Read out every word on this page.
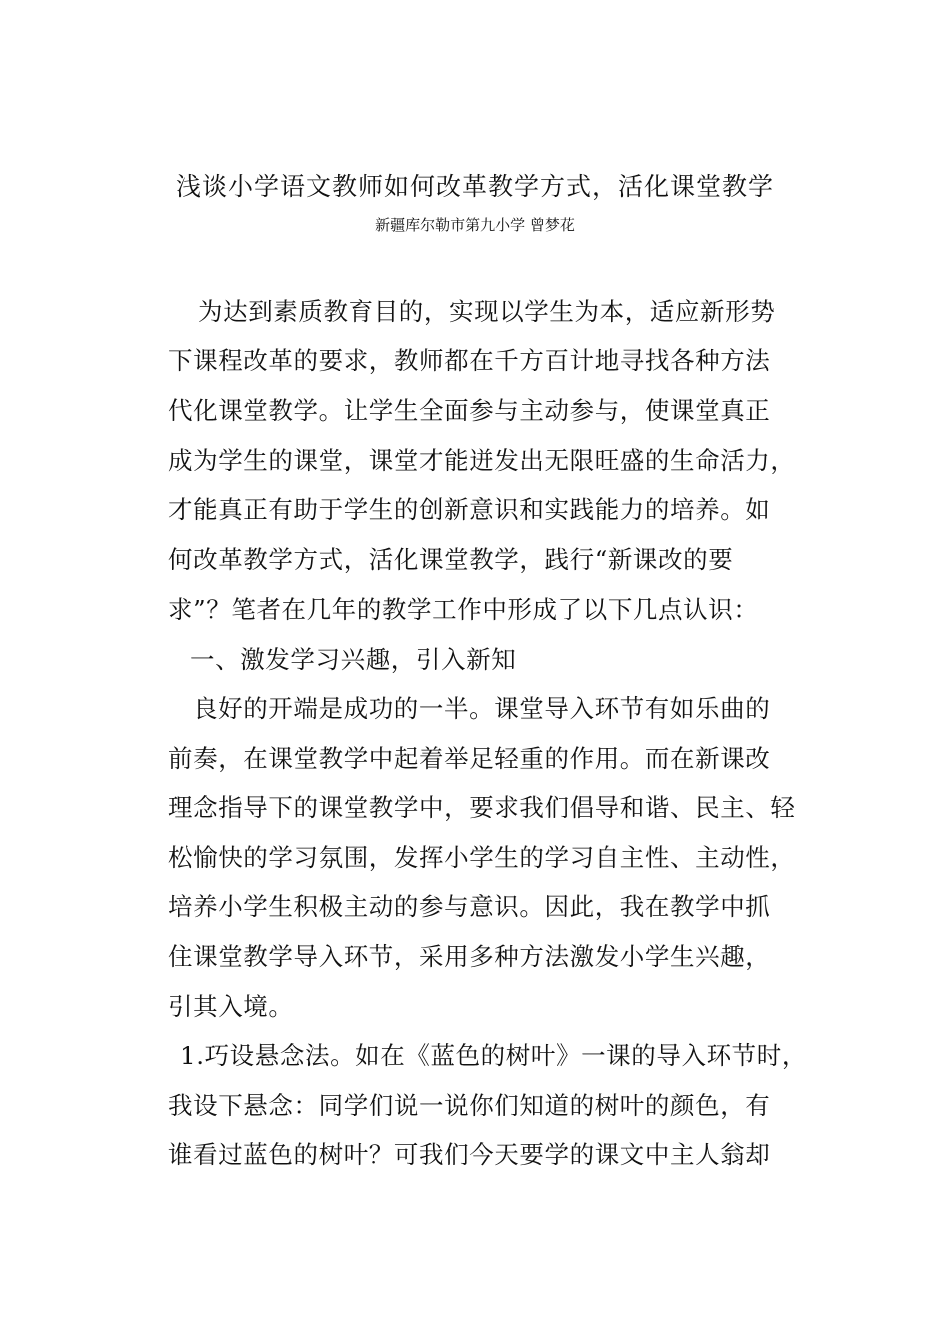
浅谈小学语文教师如何改革教学方式，活化课堂教学
新疆库尔勒市第九小学 曾梦花
为达到素质教育目的，实现以学生为本，适应新形势
下课程改革的要求，教师都在千方百计地寻找各种方法
代化课堂教学。让学生全面参与主动参与，使课堂真正
成为学生的课堂，课堂才能迸发出无限旺盛的生命活力，
才能真正有助于学生的创新意识和实践能力的培养。如
何改革教学方式，活化课堂教学，践行“新课改的要
求”？笔者在几年的教学工作中形成了以下几点认识：
一、激发学习兴趣，引入新知
良好的开端是成功的一半。课堂导入环节有如乐曲的
前奏，在课堂教学中起着举足轻重的作用。而在新课改
理念指导下的课堂教学中，要求我们倡导和谐、民主、轻
松愉快的学习氛围，发挥小学生的学习自主性、主动性，
培养小学生积极主动的参与意识。因此，我在教学中抓
住课堂教学导入环节，采用多种方法激发小学生兴趣，
引其入境。
1.巧设悬念法。如在《蓝色的树叶》一课的导入环节时，
我设下悬念：同学们说一说你们知道的树叶的颜色，有
谁看过蓝色的树叶？可我们今天要学的课文中主人翁却
